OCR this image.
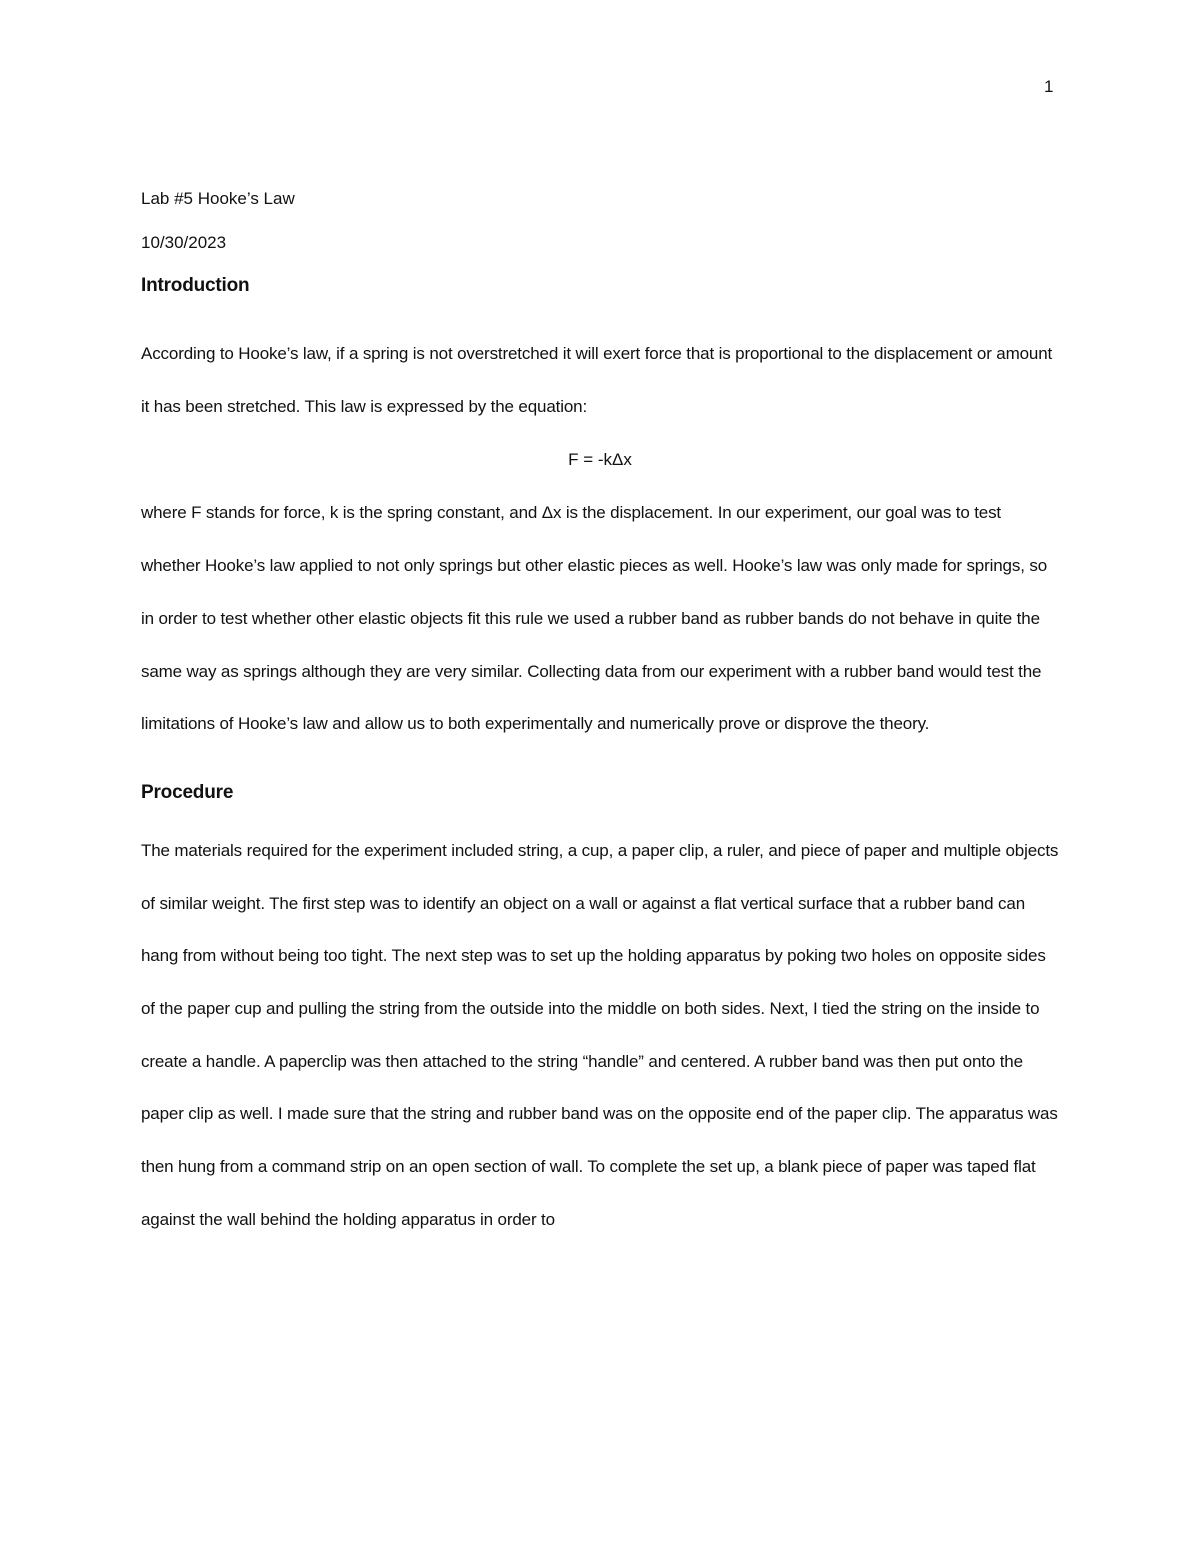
1

Lab #5 Hooke’s Law

10/30/2023

Introduction

According to Hooke’s law, if a spring is not overstretched it will exert force that is proportional to the displacement or amount it has been stretched. This law is expressed by the equation:

F = -kΔx

where F stands for force, k is the spring constant, and Δx is the displacement. In our experiment, our goal was to test whether Hooke’s law applied to not only springs but other elastic pieces as well. Hooke’s law was only made for springs, so in order to test whether other elastic objects fit this rule we used a rubber band as rubber bands do not behave in quite the same way as springs although they are very similar. Collecting data from our experiment with a rubber band would test the limitations of Hooke’s law and allow us to both experimentally and numerically prove or disprove the theory.

Procedure

The materials required for the experiment included string, a cup, a paper clip, a ruler, and piece of paper and multiple objects of similar weight. The first step was to identify an object on a wall or against a flat vertical surface that a rubber band can hang from without being too tight. The next step was to set up the holding apparatus by poking two holes on opposite sides of the paper cup and pulling the string from the outside into the middle on both sides. Next, I tied the string on the inside to create a handle. A paperclip was then attached to the string “handle” and centered. A rubber band was then put onto the paper clip as well. I made sure that the string and rubber band was on the opposite end of the paper clip. The apparatus was then hung from a command strip on an open section of wall. To complete the set up, a blank piece of paper was taped flat against the wall behind the holding apparatus in order to
